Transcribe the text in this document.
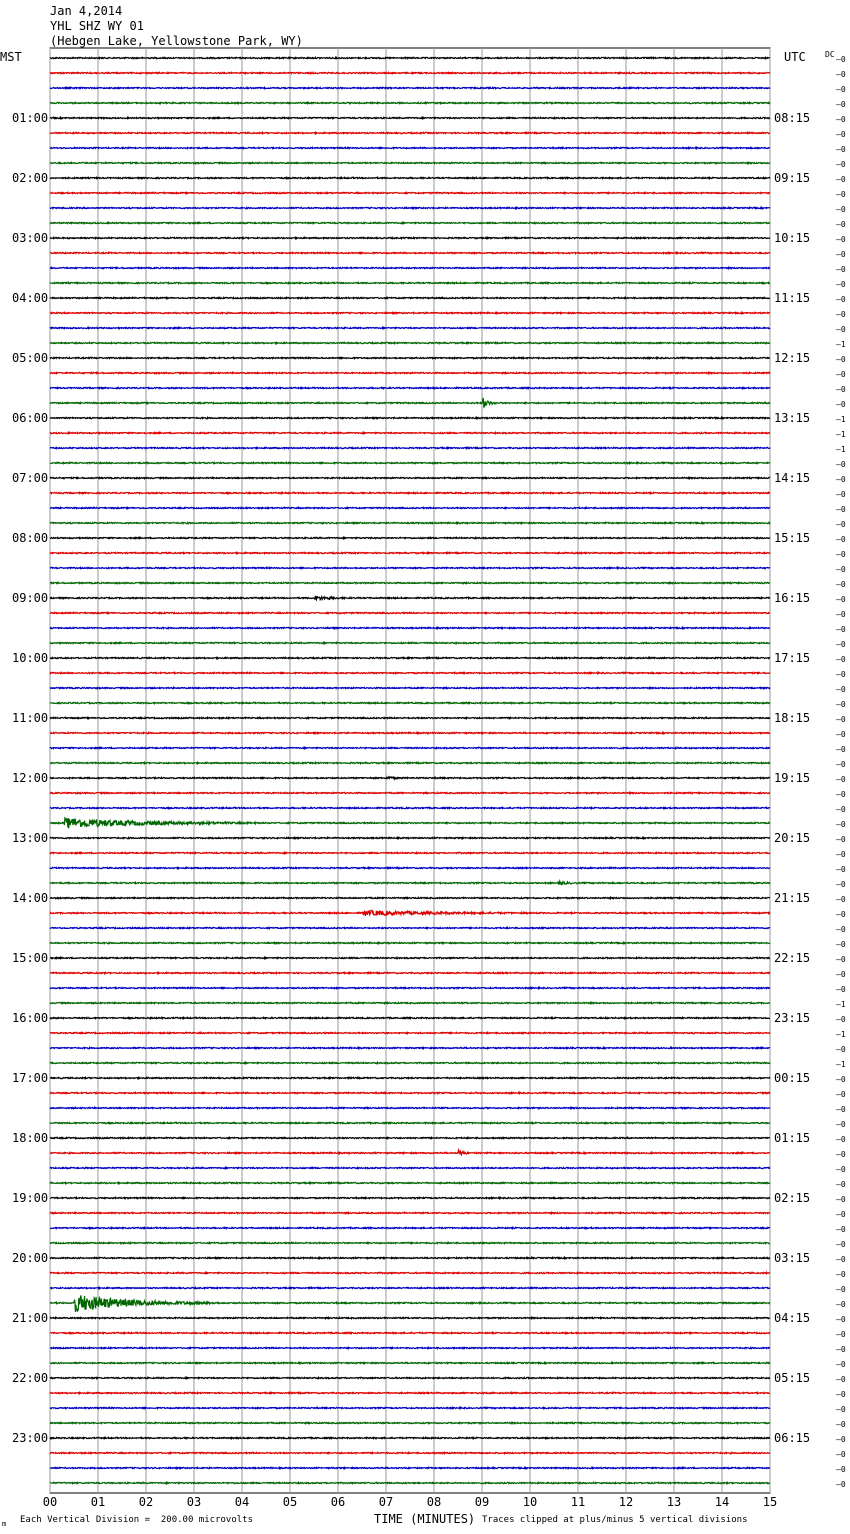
Jan 4,2014
YHL SHZ WY 01
(Hebgen Lake, Yellowstone Park, WY)
–0
–0
–0
–0
–0
–0
–0
–0
–0
–0
–0
–0
–0
–0
–0
–0
–0
–0
–0
–1
–0
–0
–0
–0
–1
–1
–1
–0
–0
–0
–0
–0
–0
–0
–0
–0
–0
–0
–0
–0
–0
–0
–0
–0
–0
–0
–0
–0
–0
–0
–0
–0
–0
–0
–0
–0
–0
–0
–0
–0
–0
–0
–0
–1
–0
–1
–0
–1
–0
–0
–0
–0
–0
–0
–0
–0
–0
–0
–0
–0
–0
–0
–0
–0
–0
–0
–0
–0
–0
–0
–0
–0
–0
–0
–0
–0
MST	UTC DC
01:00
02:00
03:00
04:00
05:00
06:00
07:00
08:00
09:00
10:00
11:00
12:00
13:00
14:00
15:00
16:00
17:00
18:00
19:00
20:00
21:00
22:00
23:00
08:15
09:15
10:15
11:15
12:15
13:15
14:15
15:15
16:15
17:15
18:15
19:15
20:15
21:15
22:15
23:15
00:15
01:15
02:15
03:15
04:15
05:15
06:15
00	01	02	03	04	05	06	07	08	09	10	11	12	13	14	15
Each Vertical Division =  200.00 microvolts	TIME (MINUTES) Traces clipped at plus/minus 5 vertical divisions
m
